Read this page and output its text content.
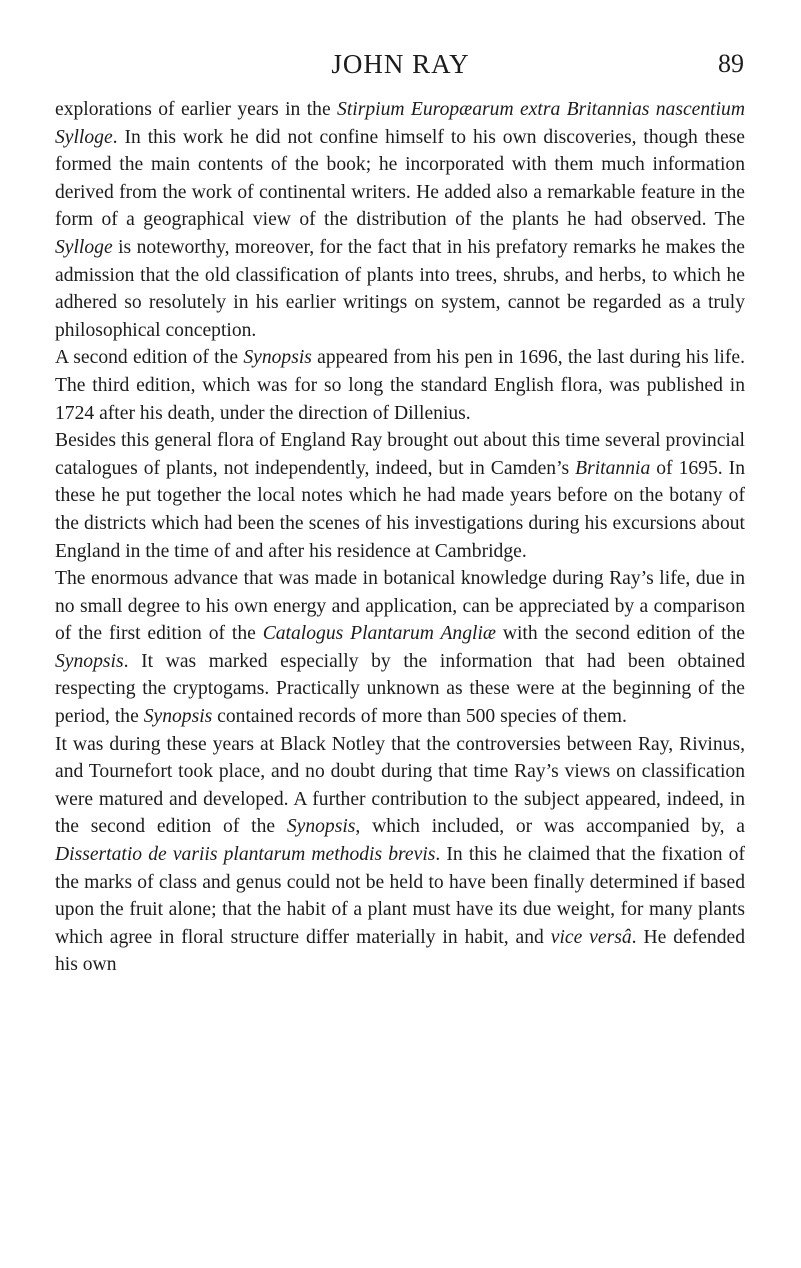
JOHN RAY	89

explorations of earlier years in the Stirpium Europæarum extra Britannias nascentium Sylloge. In this work he did not confine himself to his own discoveries, though these formed the main contents of the book; he incorporated with them much information derived from the work of continental writers. He added also a remarkable feature in the form of a geographical view of the distribution of the plants he had observed. The Sylloge is noteworthy, moreover, for the fact that in his prefatory remarks he makes the admission that the old classification of plants into trees, shrubs, and herbs, to which he adhered so resolutely in his earlier writings on system, cannot be regarded as a truly philosophical conception.

A second edition of the Synopsis appeared from his pen in 1696, the last during his life. The third edition, which was for so long the standard English flora, was published in 1724 after his death, under the direction of Dillenius.

Besides this general flora of England Ray brought out about this time several provincial catalogues of plants, not independently, indeed, but in Camden’s Britannia of 1695. In these he put together the local notes which he had made years before on the botany of the districts which had been the scenes of his investigations during his excursions about England in the time of and after his residence at Cambridge.

The enormous advance that was made in botanical knowledge during Ray’s life, due in no small degree to his own energy and application, can be appreciated by a comparison of the first edition of the Catalogus Plantarum Angliæ with the second edition of the Synopsis. It was marked especially by the information that had been obtained respecting the cryptogams. Practically unknown as these were at the beginning of the period, the Synopsis contained records of more than 500 species of them.

It was during these years at Black Notley that the controversies between Ray, Rivinus, and Tournefort took place, and no doubt during that time Ray’s views on classification were matured and developed. A further contribution to the subject appeared, indeed, in the second edition of the Synopsis, which included, or was accompanied by, a Dissertatio de variis plantarum methodis brevis. In this he claimed that the fixation of the marks of class and genus could not be held to have been finally determined if based upon the fruit alone; that the habit of a plant must have its due weight, for many plants which agree in floral structure differ materially in habit, and vice versâ. He defended his own
